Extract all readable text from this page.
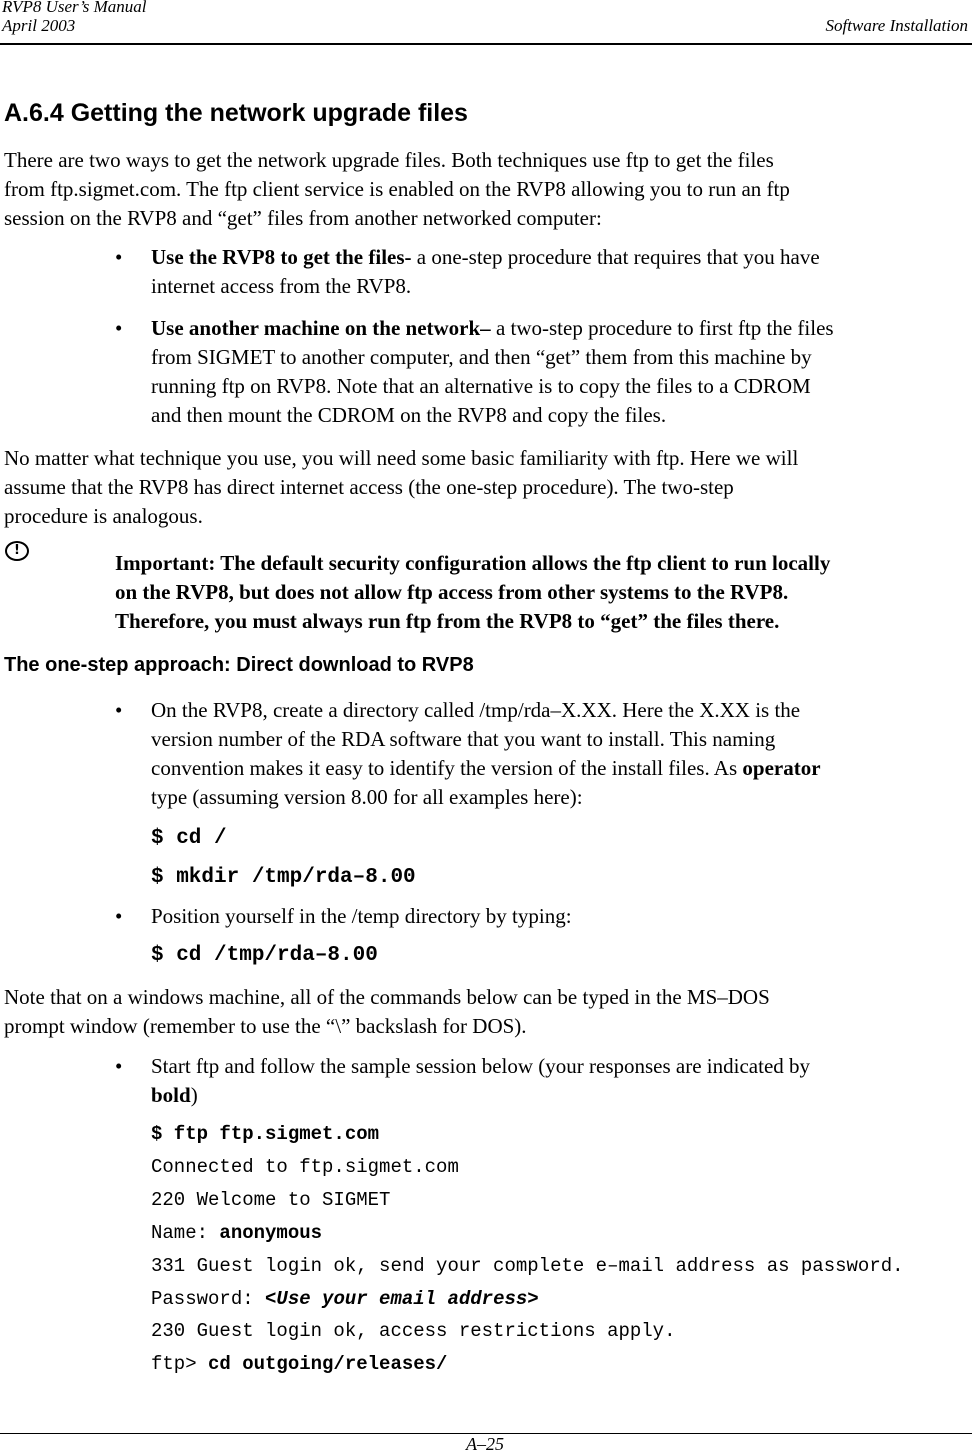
RVP8 User’s Manual
April 2003	Software Installation
A.6.4 Getting the network upgrade files
There are two ways to get the network upgrade files. Both techniques use ftp to get the files
from ftp.sigmet.com. The ftp client service is enabled on the RVP8 allowing you to run an ftp
session on the RVP8 and “get” files from another networked computer:
• Use the RVP8 to get the files- a one-step procedure that requires that you have
internet access from the RVP8.
• Use another machine on the network– a two-step procedure to first ftp the files
from SIGMET to another computer, and then “get” them from this machine by
running ftp on RVP8. Note that an alternative is to copy the files to a CDROM
and then mount the CDROM on the RVP8 and copy the files.
No matter what technique you use, you will need some basic familiarity with ftp. Here we will
assume that the RVP8 has direct internet access (the one-step procedure). The two-step
procedure is analogous.
!
Important: The default security configuration allows the ftp client to run locally
on the RVP8, but does not allow ftp access from other systems to the RVP8.
Therefore, you must always run ftp from the RVP8 to “get” the files there.
The one-step approach: Direct download to RVP8
• On the RVP8, create a directory called /tmp/rda–X.XX. Here the X.XX is the
version number of the RDA software that you want to install. This naming
convention makes it easy to identify the version of the install files. As operator
type (assuming version 8.00 for all examples here):
$ cd /
$ mkdir /tmp/rda–8.00
• Position yourself in the /temp directory by typing:
$ cd /tmp/rda–8.00
Note that on a windows machine, all of the commands below can be typed in the MS–DOS
prompt window (remember to use the “\” backslash for DOS).
• Start ftp and follow the sample session below (your responses are indicated by
bold)
$ ftp ftp.sigmet.com
Connected to ftp.sigmet.com
220 Welcome to SIGMET
Name: anonymous
331 Guest login ok, send your complete e–mail address as password.
Password: <Use your email address>
230 Guest login ok, access restrictions apply.
ftp> cd outgoing/releases/
A–25
